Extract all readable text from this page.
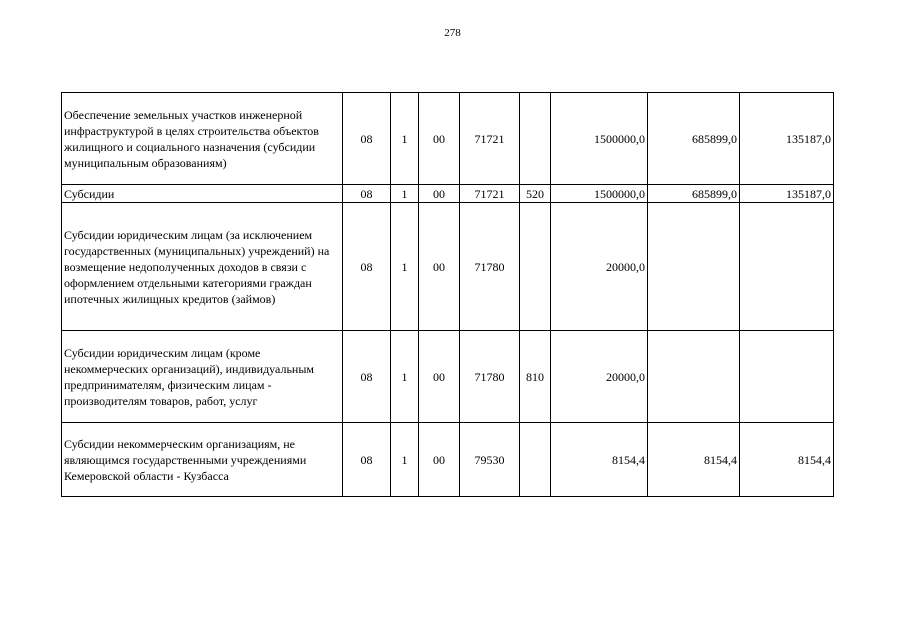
278
Обеспечение земельных участков инженерной инфраструктурой в целях строительства объектов жилищного и социального назначения (субсидии муниципальным образованиям)	08	1	00	71721		1500000,0	685899,0	135187,0
Субсидии	08	1	00	71721	520	1500000,0	685899,0	135187,0
Субсидии юридическим лицам (за исключением государственных (муниципальных) учреждений) на возмещение недополученных доходов в связи с оформлением отдельными категориями граждан ипотечных жилищных кредитов (займов)	08	1	00	71780		20000,0		
Субсидии юридическим лицам (кроме некоммерческих организаций), индивидуальным предпринимателям, физическим лицам - производителям товаров, работ, услуг	08	1	00	71780	810	20000,0		
Субсидии некоммерческим организациям, не являющимся государственными учреждениями Кемеровской области - Кузбасса	08	1	00	79530		8154,4	8154,4	8154,4
